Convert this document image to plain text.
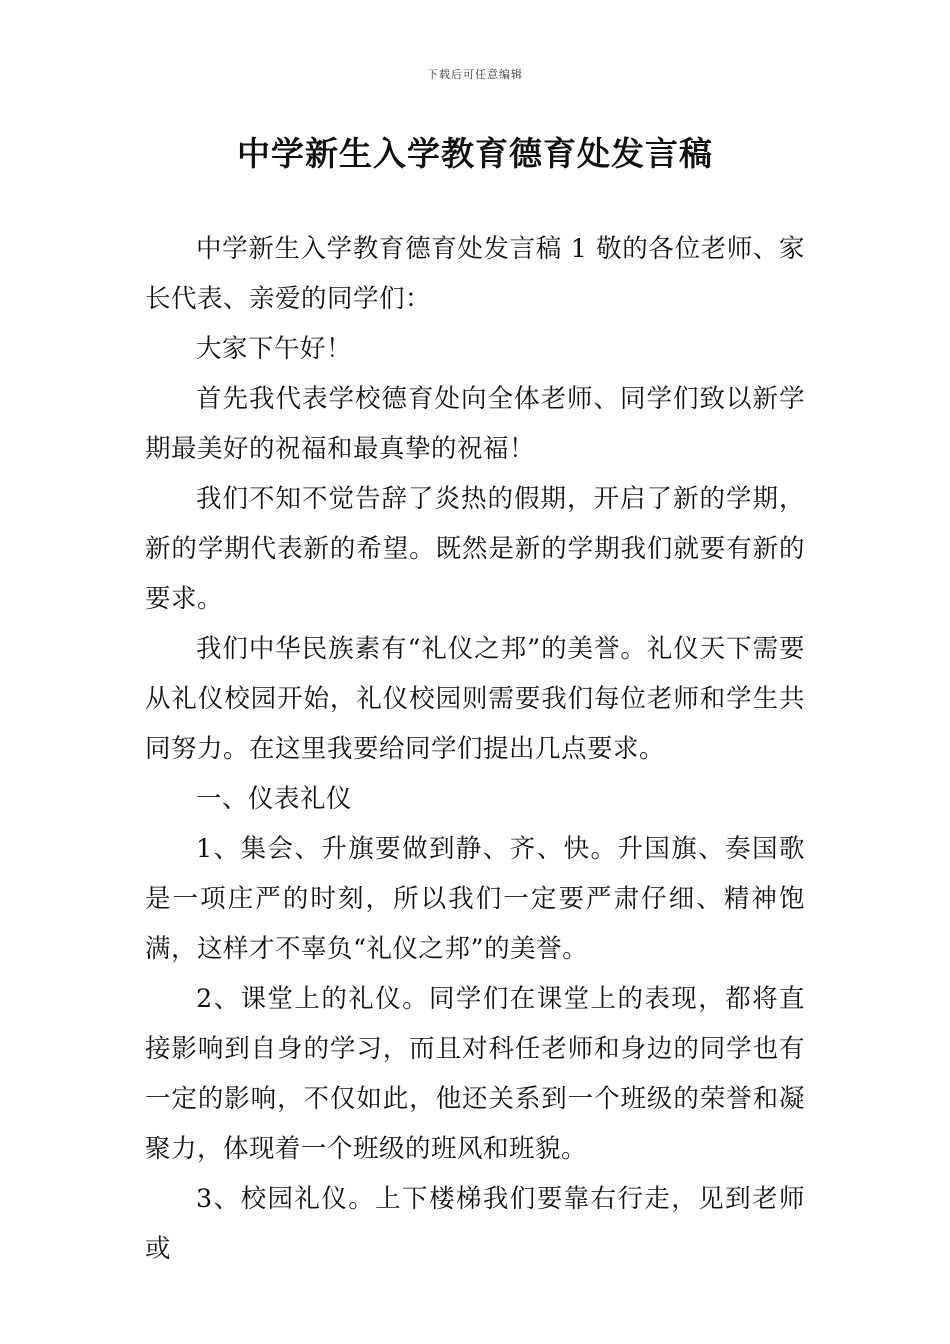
下载后可任意编辑
中学新生入学教育德育处发言稿

中学新生入学教育德育处发言稿 1 敬的各位老师、家长代表、亲爱的同学们：

大家下午好！

首先我代表学校德育处向全体老师、同学们致以新学期最美好的祝福和最真挚的祝福！

我们不知不觉告辞了炎热的假期，开启了新的学期，新的学期代表新的希望。既然是新的学期我们就要有新的要求。

我们中华民族素有“礼仪之邦”的美誉。礼仪天下需要从礼仪校园开始，礼仪校园则需要我们每位老师和学生共同努力。在这里我要给同学们提出几点要求。

一、仪表礼仪

1、集会、升旗要做到静、齐、快。升国旗、奏国歌是一项庄严的时刻，所以我们一定要严肃仔细、精神饱满，这样才不辜负“礼仪之邦”的美誉。

2、课堂上的礼仪。同学们在课堂上的表现，都将直接影响到自身的学习，而且对科任老师和身边的同学也有一定的影响，不仅如此，他还关系到一个班级的荣誉和凝聚力，体现着一个班级的班风和班貌。

3、校园礼仪。上下楼梯我们要靠右行走，见到老师或
